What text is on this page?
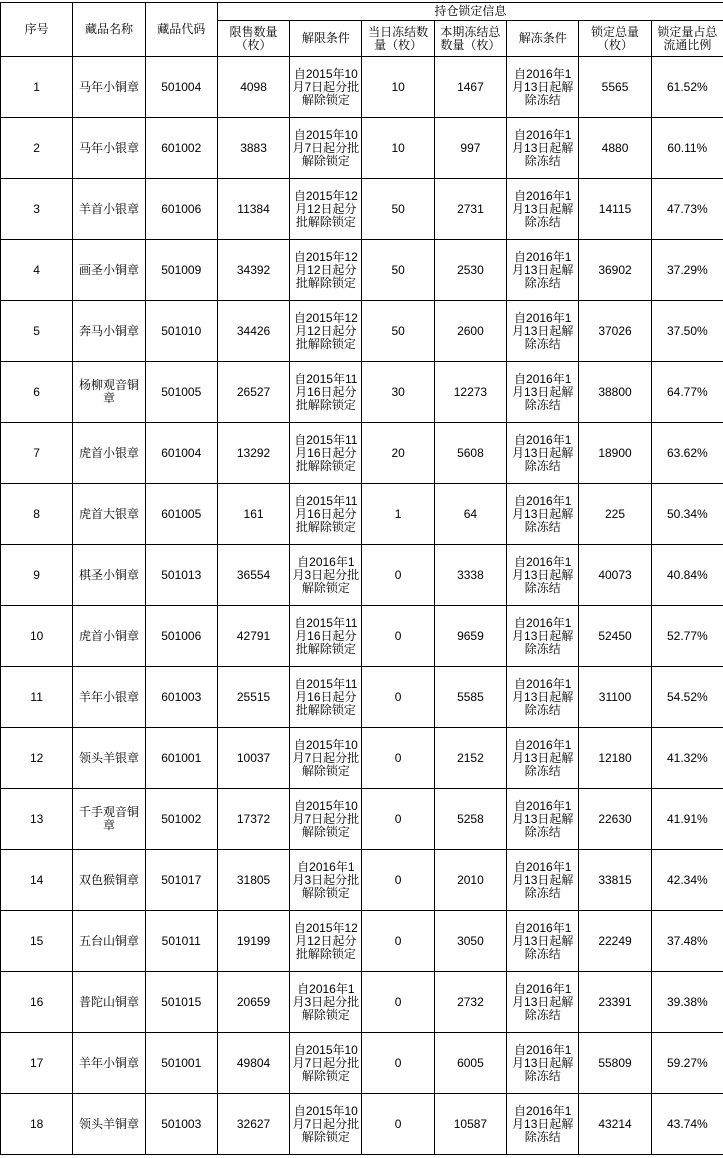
序号	藏品名称	藏品代码	持仓锁定信息						
			限售数量（枚）	解限条件	当日冻结数量（枚）	本期冻结总数量（枚）	解冻条件	锁定总量（枚）	锁定量占总流通比例
1	马年小铜章	501004	4098	自2015年10月7日起分批解除锁定	10	1467	自2016年1月13日起解除冻结	5565	61.52%
2	马年小银章	601002	3883	自2015年10月7日起分批解除锁定	10	997	自2016年1月13日起解除冻结	4880	60.11%
3	羊首小银章	601006	11384	自2015年12月12日起分批解除锁定	50	2731	自2016年1月13日起解除冻结	14115	47.73%
4	画圣小铜章	501009	34392	自2015年12月12日起分批解除锁定	50	2530	自2016年1月13日起解除冻结	36902	37.29%
5	奔马小铜章	501010	34426	自2015年12月12日起分批解除锁定	50	2600	自2016年1月13日起解除冻结	37026	37.50%
6	杨柳观音铜章	501005	26527	自2015年11月16日起分批解除锁定	30	12273	自2016年1月13日起解除冻结	38800	64.77%
7	虎首小银章	601004	13292	自2015年11月16日起分批解除锁定	20	5608	自2016年1月13日起解除冻结	18900	63.62%
8	虎首大银章	601005	161	自2015年11月16日起分批解除锁定	1	64	自2016年1月13日起解除冻结	225	50.34%
9	棋圣小铜章	501013	36554	自2016年1月3日起分批解除锁定	0	3338	自2016年1月13日起解除冻结	40073	40.84%
10	虎首小铜章	501006	42791	自2015年11月16日起分批解除锁定	0	9659	自2016年1月13日起解除冻结	52450	52.77%
11	羊年小银章	601003	25515	自2015年11月16日起分批解除锁定	0	5585	自2016年1月13日起解除冻结	31100	54.52%
12	领头羊银章	601001	10037	自2015年10月7日起分批解除锁定	0	2152	自2016年1月13日起解除冻结	12180	41.32%
13	千手观音铜章	501002	17372	自2015年10月7日起分批解除锁定	0	5258	自2016年1月13日起解除冻结	22630	41.91%
14	双色猴铜章	501017	31805	自2016年1月3日起分批解除锁定	0	2010	自2016年1月13日起解除冻结	33815	42.34%
15	五台山铜章	501011	19199	自2015年12月12日起分批解除锁定	0	3050	自2016年1月13日起解除冻结	22249	37.48%
16	普陀山铜章	501015	20659	自2016年1月3日起分批解除锁定	0	2732	自2016年1月13日起解除冻结	23391	39.38%
17	羊年小铜章	501001	49804	自2015年10月7日起分批解除锁定	0	6005	自2016年1月13日起解除冻结	55809	59.27%
18	领头羊铜章	501003	32627	自2015年10月7日起分批解除锁定	0	10587	自2016年1月13日起解除冻结	43214	43.74%
